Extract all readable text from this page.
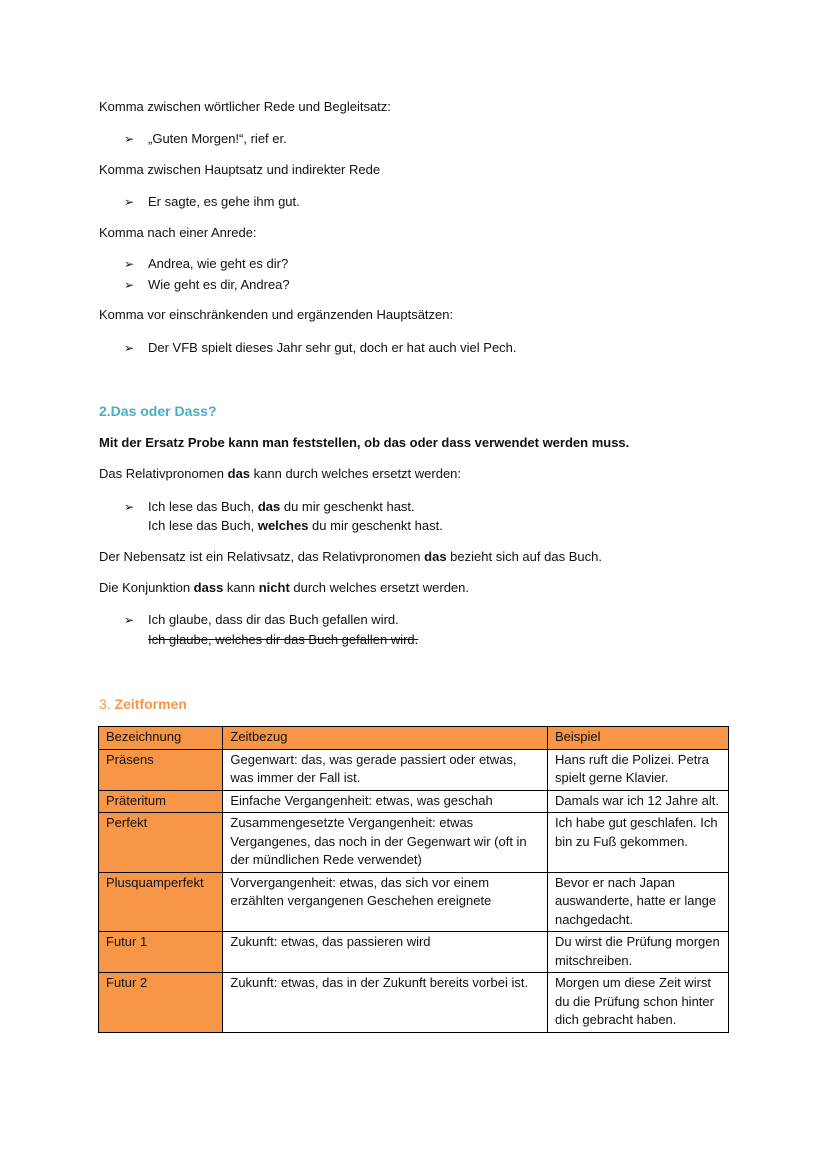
Komma zwischen wörtlicher Rede und Begleitsatz:
➢ „Guten Morgen!“, rief er.
Komma zwischen Hauptsatz und indirekter Rede
➢ Er sagte, es gehe ihm gut.
Komma nach einer Anrede:
➢ Andrea, wie geht es dir?
➢ Wie geht es dir, Andrea?
Komma vor einschränkenden und ergänzenden Hauptsätzen:
➢ Der VFB spielt dieses Jahr sehr gut, doch er hat auch viel Pech.
2.Das oder Dass?
Mit der Ersatz Probe kann man feststellen, ob das oder dass verwendet werden muss.
Das Relativpronomen das kann durch welches ersetzt werden:
➢ Ich lese das Buch, das du mir geschenkt hast.
Ich lese das Buch, welches du mir geschenkt hast.
Der Nebensatz ist ein Relativsatz, das Relativpronomen das bezieht sich auf das Buch.
Die Konjunktion dass kann nicht durch welches ersetzt werden.
➢ Ich glaube, dass dir das Buch gefallen wird.
Ich glaube, welches dir das Buch gefallen wird.
3. Zeitformen
Bezeichnung	Zeitbezug	Beispiel
Präsens	Gegenwart: das, was gerade passiert oder etwas, was immer der Fall ist.	Hans ruft die Polizei. Petra spielt gerne Klavier.
Präteritum	Einfache Vergangenheit: etwas, was geschah	Damals war ich 12 Jahre alt.
Perfekt	Zusammengesetzte Vergangenheit: etwas Vergangenes, das noch in der Gegenwart wir (oft in der mündlichen Rede verwendet)	Ich habe gut geschlafen. Ich bin zu Fuß gekommen.
Plusquamperfekt	Vorvergangenheit: etwas, das sich vor einem erzählten vergangenen Geschehen ereignete	Bevor er nach Japan auswanderte, hatte er lange nachgedacht.
Futur 1	Zukunft: etwas, das passieren wird	Du wirst die Prüfung morgen mitschreiben.
Futur 2	Zukunft: etwas, das in der Zukunft bereits vorbei ist.	Morgen um diese Zeit wirst du die Prüfung schon hinter dich gebracht haben.
